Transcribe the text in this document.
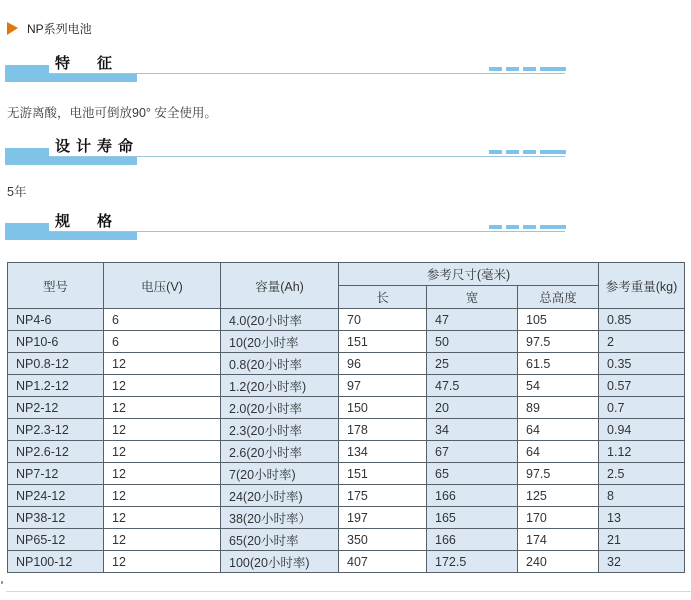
NP系列电池
特　征
无游离酸，电池可倒放90° 安全使用。
设计寿命
5年
规　格
型号	电压(V)	容量(Ah)	参考尺寸(毫米)			参考重量(kg)
			长	宽	总高度	
NP4-6	6	4.0(20小时率	70	47	105	0.85
NP10-6	6	10(20小时率	151	50	97.5	2
NP0.8-12	12	0.8(20小时率	96	25	61.5	0.35
NP1.2-12	12	1.2(20小时率)	97	47.5	54	0.57
NP2-12	12	2.0(20小时率	150	20	89	0.7
NP2.3-12	12	2.3(20小时率	178	34	64	0.94
NP2.6-12	12	2.6(20小时率	134	67	64	1.12
NP7-12	12	7(20小时率)	151	65	97.5	2.5
NP24-12	12	24(20小时率)	175	166	125	8
NP38-12	12	38(20小时率）	197	165	170	13
NP65-12	12	65(20小时率	350	166	174	21
NP100-12	12	100(20小时率)	407	172.5	240	32
